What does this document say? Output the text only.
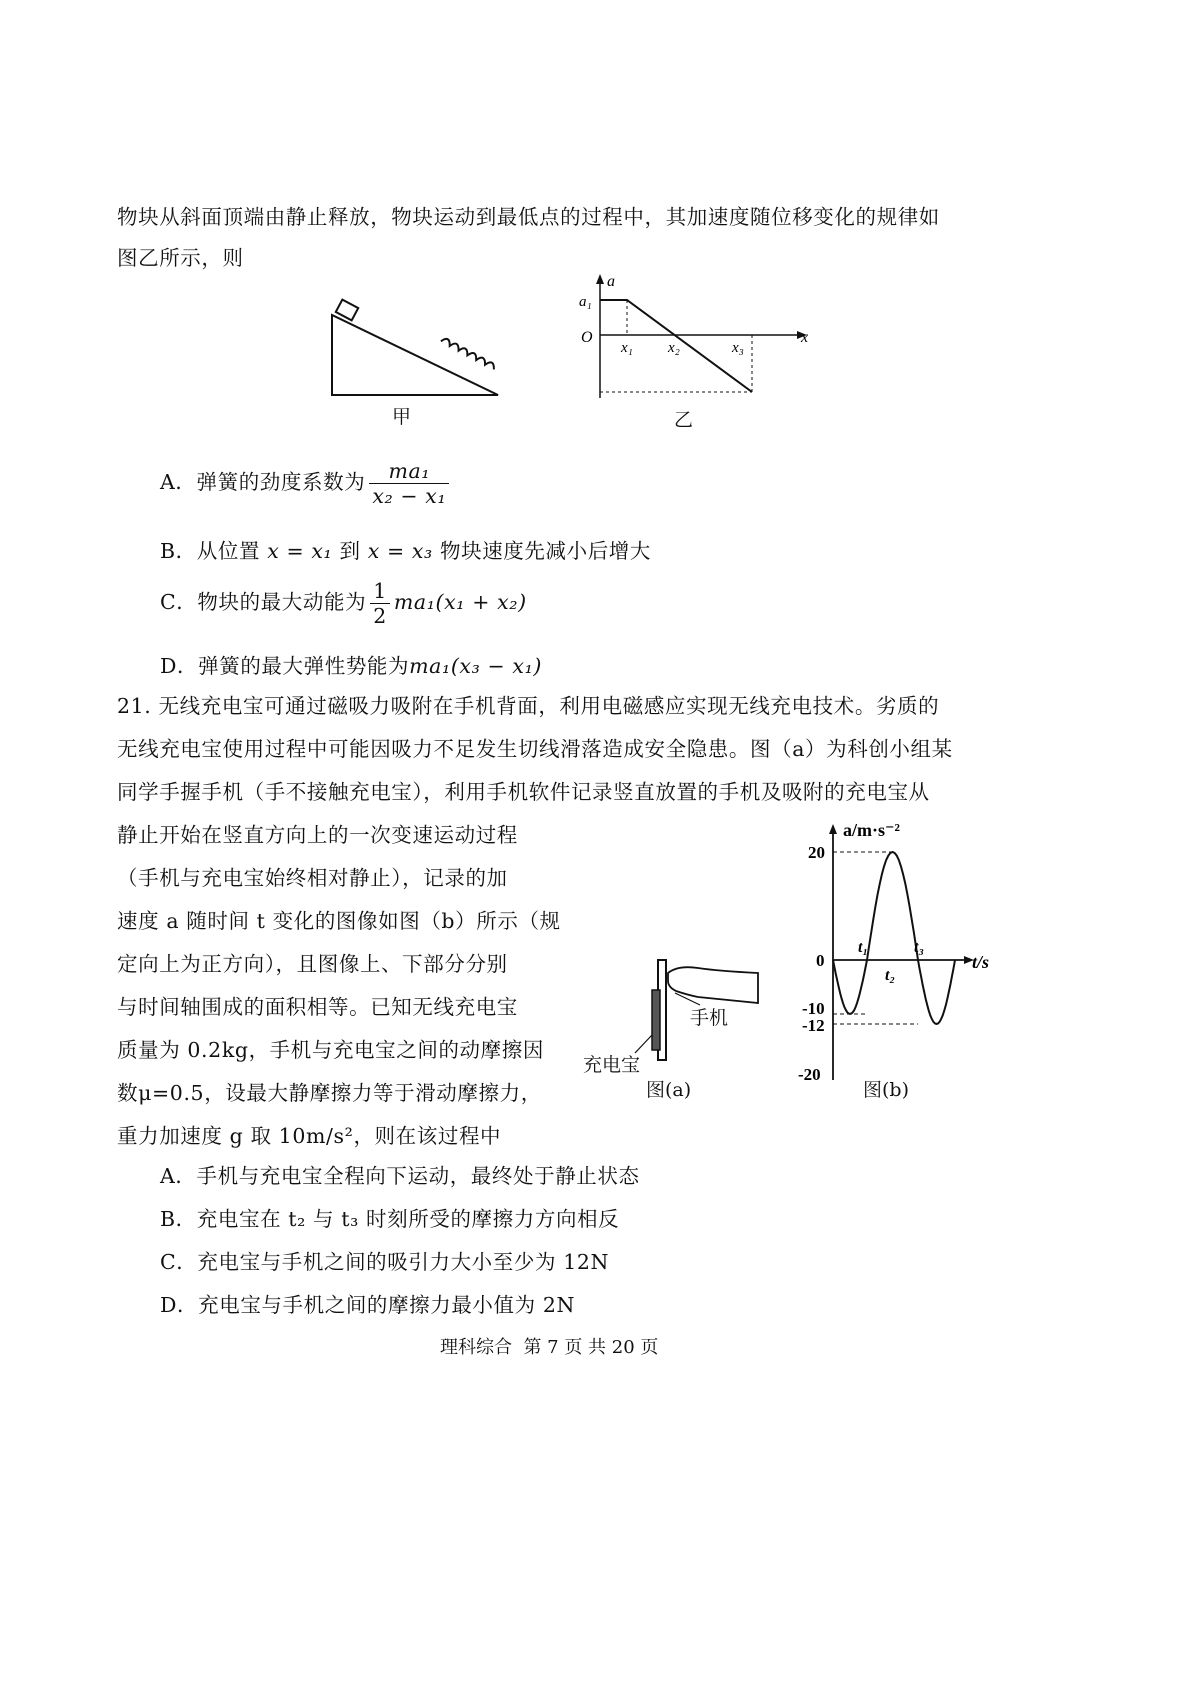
物块从斜面顶端由静止释放，物块运动到最低点的过程中，其加速度随位移变化的规律如
图乙所示，则
甲
a
a₁
O
x₁ x₂	x₃
x
乙
A．弹簧的劲度系数为 $\frac{\text{ma₁}}{\text{x₂ − x₁}}$
B．从位置 x = x₁ 到 x = x₃ 物块速度先减小后增大
C．物块的最大动能为 $\frac{1}{2} ma_1(x_1 + x_2)$
D．弹簧的最大弹性势能为ma₁(x₃ − x₁)
21. 无线充电宝可通过磁吸力吸附在手机背面，利用电磁感应实现无线充电技术。劣质的
无线充电宝使用过程中可能因吸力不足发生切线滑落造成安全隐患。图（a）为科创小组某
同学手握手机（手不接触充电宝），利用手机软件记录竖直放置的手机及吸附的充电宝从
静止开始在竖直方向上的一次变速运动过程
（手机与充电宝始终相对静止），记录的加
速度 a 随时间 t 变化的图像如图（b）所示（规
定向上为正方向），且图像上、下部分分别
与时间轴围成的面积相等。已知无线充电宝
质量为 0.2kg，手机与充电宝之间的动摩擦因
数μ=0.5，设最大静摩擦力等于滑动摩擦力，
重力加速度 g 取 10m/s²，则在该过程中
手机
充电宝
图(a)
a/m·s⁻²
20
0
-10
-12
-20
t₁
t₂
t₃
t/s
图(b)
A．手机与充电宝全程向下运动，最终处于静止状态
B．充电宝在 t₂ 与 t₃ 时刻所受的摩擦力方向相反
C．充电宝与手机之间的吸引力大小至少为 12N
D．充电宝与手机之间的摩擦力最小值为 2N
理科综合  第 7 页 共 20 页
